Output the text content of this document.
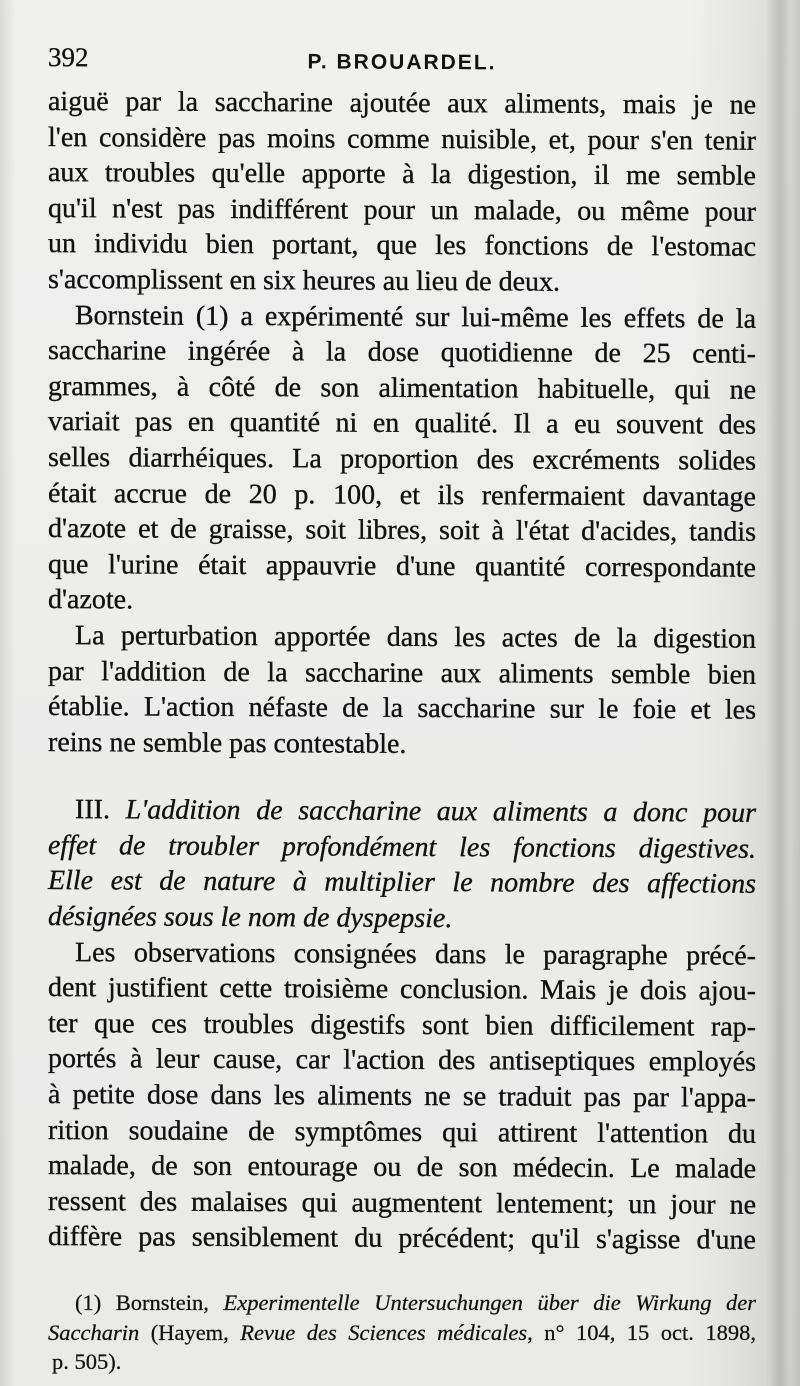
392	P. BROUARDEL.
aiguë par la saccharine ajoutée aux aliments, mais je ne
l'en considère pas moins comme nuisible, et, pour s'en tenir
aux troubles qu'elle apporte à la digestion, il me semble
qu'il n'est pas indifférent pour un malade, ou même pour
un individu bien portant, que les fonctions de l'estomac
s'accomplissent en six heures au lieu de deux.
Bornstein (1) a expérimenté sur lui-même les effets de la
saccharine ingérée à la dose quotidienne de 25 centi-
grammes, à côté de son alimentation habituelle, qui ne
variait pas en quantité ni en qualité. Il a eu souvent des
selles diarrhéiques. La proportion des excréments solides
était accrue de 20 p. 100, et ils renfermaient davantage
d'azote et de graisse, soit libres, soit à l'état d'acides, tandis
que l'urine était appauvrie d'une quantité correspondante
d'azote.
La perturbation apportée dans les actes de la digestion
par l'addition de la saccharine aux aliments semble bien
établie. L'action néfaste de la saccharine sur le foie et les
reins ne semble pas contestable.
III. L'addition de saccharine aux aliments a donc pour
effet de troubler profondément les fonctions digestives.
Elle est de nature à multiplier le nombre des affections
désignées sous le nom de dyspepsie.
Les observations consignées dans le paragraphe précé-
dent justifient cette troisième conclusion. Mais je dois ajou-
ter que ces troubles digestifs sont bien difficilement rap-
portés à leur cause, car l'action des antiseptiques employés
à petite dose dans les aliments ne se traduit pas par l'appa-
rition soudaine de symptômes qui attirent l'attention du
malade, de son entourage ou de son médecin. Le malade
ressent des malaises qui augmentent lentement; un jour ne
diffère pas sensiblement du précédent; qu'il s'agisse d'une
(1) Bornstein, Experimentelle Untersuchungen über die Wirkung der
Saccharin (Hayem, Revue des Sciences médicales, n° 104, 15 oct. 1898,
p. 505).
